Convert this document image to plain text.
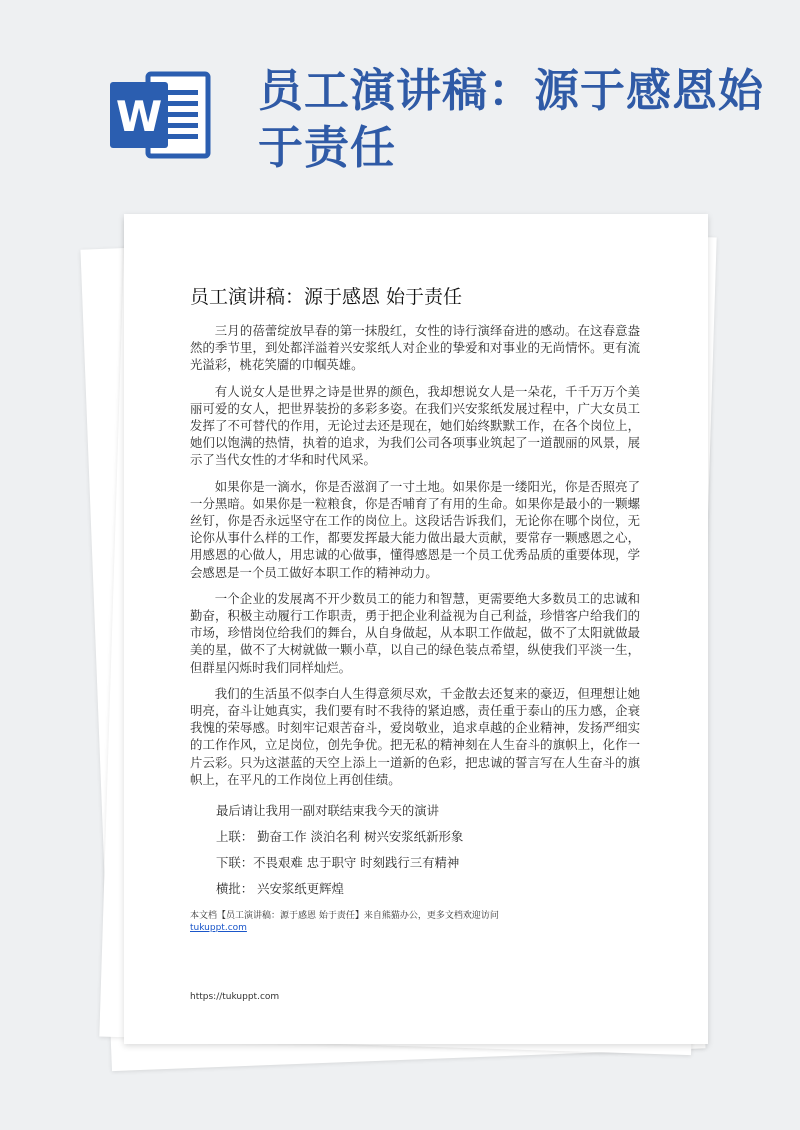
W 员工演讲稿：源于感恩始于责任
员工演讲稿：源于感恩 始于责任

三月的蓓蕾绽放早春的第一抹殷红，女性的诗行演绎奋进的感动。在这春意盎然的季节里，到处都洋溢着兴安浆纸人对企业的挚爱和对事业的无尚情怀。更有流光溢彩，桃花笑靥的巾帼英雄。

有人说女人是世界之诗是世界的颜色，我却想说女人是一朵花，千千万万个美丽可爱的女人，把世界装扮的多彩多姿。在我们兴安浆纸发展过程中，广大女员工发挥了不可替代的作用，无论过去还是现在，她们始终默默工作，在各个岗位上，她们以饱满的热情，执着的追求，为我们公司各项事业筑起了一道靓丽的风景，展示了当代女性的才华和时代风采。

如果你是一滴水，你是否滋润了一寸土地。如果你是一缕阳光，你是否照亮了一分黑暗。如果你是一粒粮食，你是否哺育了有用的生命。如果你是最小的一颗螺丝钉，你是否永远坚守在工作的岗位上。这段话告诉我们，无论你在哪个岗位，无论你从事什么样的工作，都要发挥最大能力做出最大贡献，要常存一颗感恩之心，用感恩的心做人，用忠诚的心做事，懂得感恩是一个员工优秀品质的重要体现，学会感恩是一个员工做好本职工作的精神动力。

一个企业的发展离不开少数员工的能力和智慧，更需要绝大多数员工的忠诚和勤奋，积极主动履行工作职责，勇于把企业利益视为自己利益，珍惜客户给我们的市场，珍惜岗位给我们的舞台，从自身做起，从本职工作做起，做不了太阳就做最美的星，做不了大树就做一颗小草，以自己的绿色装点希望，纵使我们平淡一生，但群星闪烁时我们同样灿烂。

我们的生活虽不似李白人生得意须尽欢，千金散去还复来的豪迈，但理想让她明亮，奋斗让她真实，我们要有时不我待的紧迫感，责任重于泰山的压力感，企衰我愧的荣辱感。时刻牢记艰苦奋斗，爱岗敬业，追求卓越的企业精神，发扬严细实的工作作风，立足岗位，创先争优。把无私的精神刻在人生奋斗的旗帜上，化作一片云彩。只为这湛蓝的天空上添上一道新的色彩，把忠诚的誓言写在人生奋斗的旗帜上，在平凡的工作岗位上再创佳绩。

最后请让我用一副对联结束我今天的演讲
上联： 勤奋工作 淡泊名利 树兴安浆纸新形象
下联：不畏艰难 忠于职守 时刻践行三有精神
横批： 兴安浆纸更辉煌
本文档【员工演讲稿：源于感恩 始于责任】来自熊猫办公，更多文档欢迎访问
tukuppt.com
https://tukuppt.com
